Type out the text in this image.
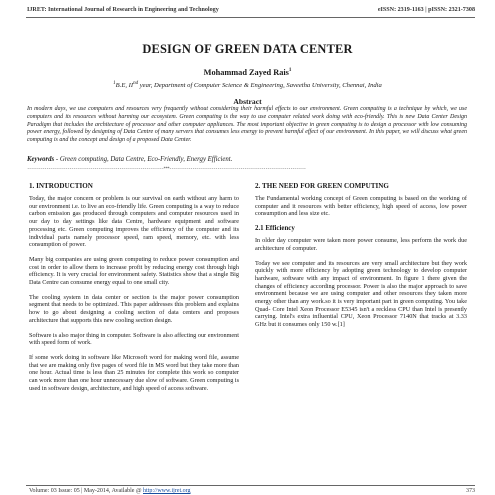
IJRET: International Journal of Research in Engineering and Technology	eISSN: 2319-1163 | pISSN: 2321-7308
DESIGN OF GREEN DATA CENTER
Mohammad Zayed Rais$^1$
$^1$B.E, IInd year, Department of Computer Science & Engineering, Saveetha University, Chennai, India
Abstract
In modern days, we use computers and resources very frequently without considering their harmful effects to our environment. Green computing is a technique by which, we use computers and its resources without harming our ecosystem. Green computing is the way to use computer related work doing with eco-friendly. This is new Data Center Design Paradigm that includes the architecture of processor and other computer appliances. The most important objective in green computing is to design a processor with low consuming power energy, followed by designing of Data Centre of many servers that consumes less energy to prevent harmful effect of our environment. In this paper, we will discuss what green computing is and the concept and design of a proposed Data Center.
Keywords - Green computing, Data Centre, Eco-Friendly, Energy Efficient.
-----------------------------------------------------------------------***-----------------------------------------------------------------------
1. INTRODUCTION

Today, the major concern or problem is our survival on earth without any harm to our environment i.e. to live an eco-friendly life. Green computing is a way to reduce carbon emission gas produced through computers and computer resources used in our day to day settings like data Centre, hardware equipment and software processing etc. Green computing improves the efficiency of the computer and its individual parts namely processor speed, ram speed, memory, etc. with less consumption of power.

Many big companies are using green computing to reduce power consumption and cost in order to allow them to increase profit by reducing energy cost through high efficiency. It is very crucial for environment safety. Statistics show that a single Big Data Centre can consume energy equal to one small city.

The cooling system in data center or section is the major power consumption segment that needs to be optimized. This paper addresses this problem and explains how to go about designing a cooling section of data centers and proposes architecture that supports this new cooling section design.

Software is also major thing in computer. Software is also affecting our environment with speed form of work.

If some work doing in software like Microsoft word for making word file, assume that we are making only five pages of word file in MS word but they take more than one hour. Actual time is less than 25 minutes for complete this work so computer can work more than one hour unnecessary due slow of software. Green computing is used in software design, architecture, and high speed of access software.

2. THE NEED FOR GREEN COMPUTING

The Fundamental working concept of Green computing is based on the working of computer and it resources with better efficiency, high speed of access, low power consumption and less size etc.

2.1 Efficiency

In older day computer were taken more power consume, less perform the work due architecture of computer.

Today we see computer and its resources are very small architecture but they work quickly with more efficiency by adopting green technology to develop computer hardware, software with any impact of environment. In figure 1 there given the changes of efficiency according processor. Power is also the major approach to save environment because we are using computer and other resources they taken more energy other than any work.so it is very important part in green computing. You take Quad- Core Intel Xeon Processor E5345 isn't a reckless CPU than Intel is presently carrying. Intel's extra influential CPU, Xeon Processor 7140N that tracks at 3.33 GHz but it consumes only 150 w.[1]

Volume: 03 Issue: 05 | May-2014, Available @ http://www.ijret.org	373
